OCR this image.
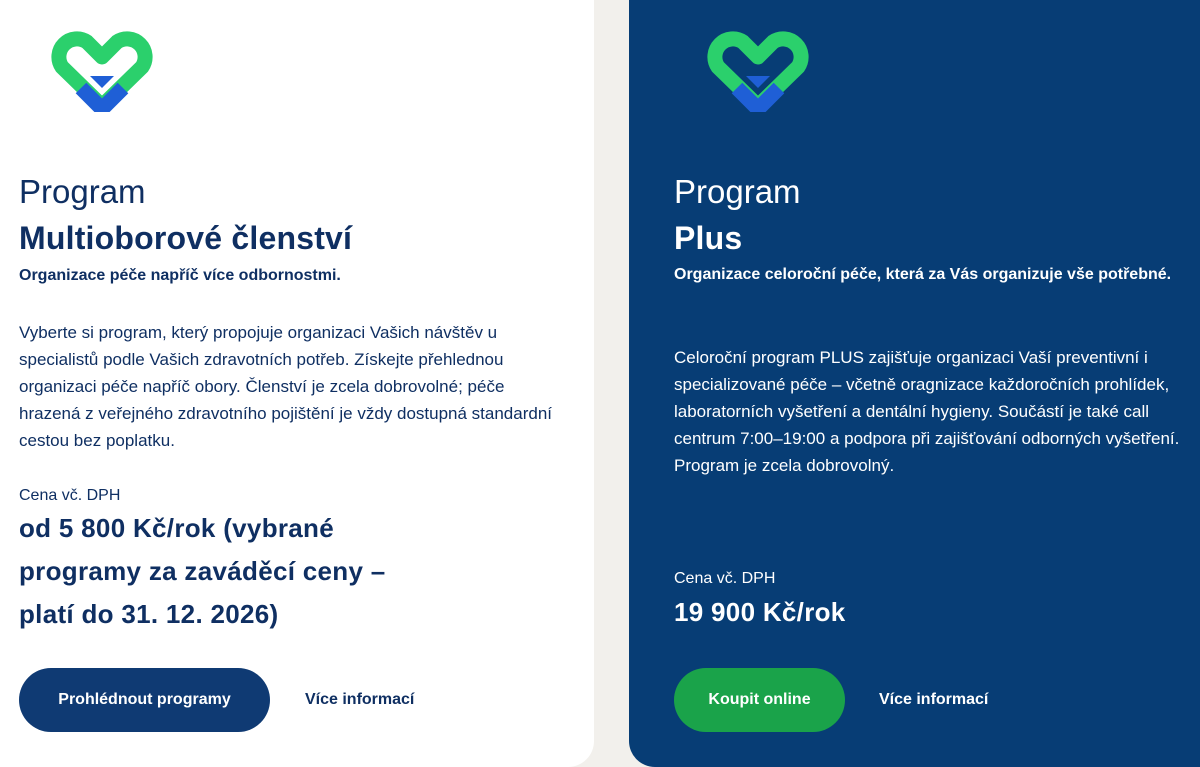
Program
Multioborové členství
Organizace péče napříč více odbornostmi.
Vyberte si program, který propojuje organizaci Vašich návštěv u specialistů podle Vašich zdravotních potřeb. Získejte přehlednou organizaci péče napříč obory. Členství je zcela dobrovolné; péče hrazená z veřejného zdravotního pojištění je vždy dostupná standardní cestou bez poplatku.
Cena vč. DPH
od 5 800 Kč/rok (vybrané programy za zaváděcí ceny – platí do 31. 12. 2026)
Prohlédnout programy	Více informací
Program
Plus
Organizace celoroční péče, která za Vás organizuje vše potřebné.
Celoroční program PLUS zajišťuje organizaci Vaší preventivní i specializované péče – včetně oragnizace každoročních prohlídek, laboratorních vyšetření a dentální hygieny. Součástí je také call centrum 7:00–19:00 a podpora při zajišťování odborných vyšetření. Program je zcela dobrovolný.
Cena vč. DPH
19 900 Kč/rok
Koupit online	Více informací
